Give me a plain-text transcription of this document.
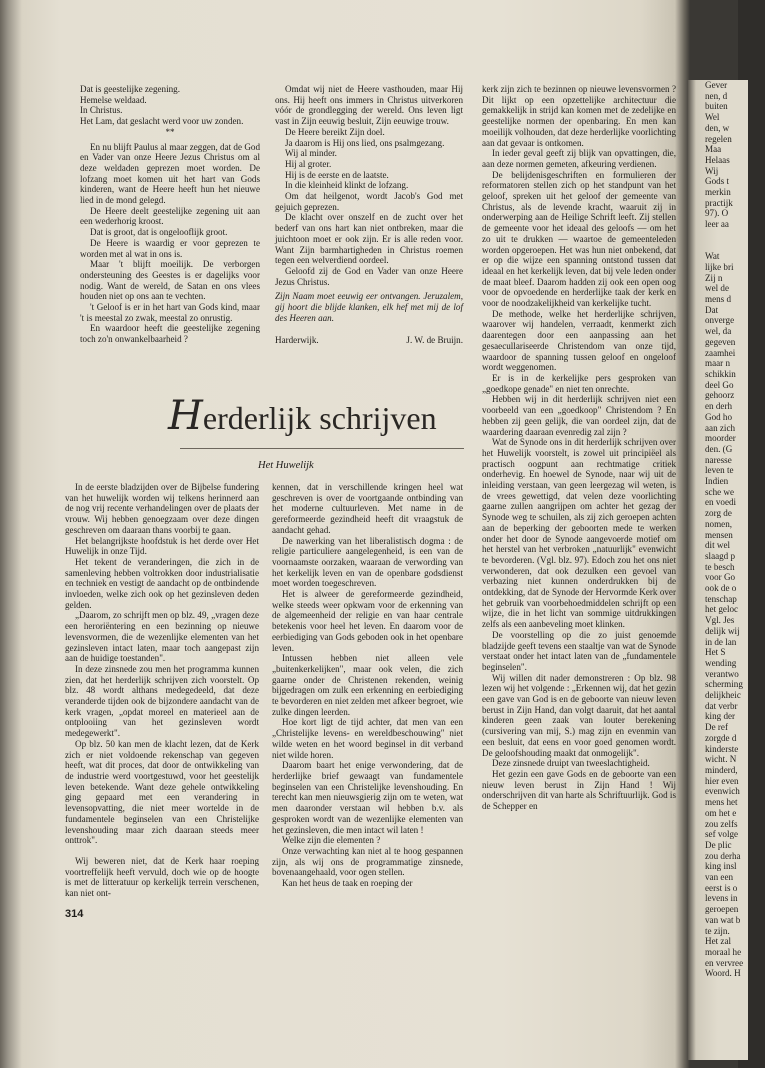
Dat is geestelijke zegening.

Hemelse weldaad.

In Christus.

Het Lam, dat geslacht werd voor uw zonden.

**

En nu blijft Paulus al maar zeggen, dat de God en Vader van onze Heere Jezus Christus om al deze weldaden geprezen moet worden. De lofzang moet komen uit het hart van Gods kinderen, want de Heere heeft hun het nieuwe lied in de mond gelegd.

De Heere deelt geestelijke zegening uit aan een wederhorig kroost.

Dat is groot, dat is ongelooflijk groot.

De Heere is waardig er voor geprezen te worden met al wat in ons is.

Maar 't blijft moeilijk. De verborgen ondersteuning des Geestes is er dagelijks voor nodig. Want de wereld, de Satan en ons vlees houden niet op ons aan te vechten.

't Geloof is er in het hart van Gods kind, maar 't is meestal zo zwak, meestal zo onrustig.

En waardoor heeft die geestelijke zegening toch zo'n onwankelbaarheid ?

Omdat wij niet de Heere vasthouden, maar Hij ons. Hij heeft ons immers in Christus uitverkoren vóór de grondlegging der wereld. Ons leven ligt vast in Zijn eeuwig besluit, Zijn eeuwige trouw.

De Heere bereikt Zijn doel.

Ja daarom is Hij ons lied, ons psalmgezang.

Wij al minder.

Hij al groter.

Hij is de eerste en de laatste.

In die kleinheid klinkt de lofzang.

Om dat heilgenot, wordt Jacob's God met gejuich geprezen.

De klacht over onszelf en de zucht over het bederf van ons hart kan niet ontbreken, maar die juichtoon moet er ook zijn. Er is alle reden voor. Want Zijn barmhartigheden in Christus roemen tegen een welverdiend oordeel.

Geloofd zij de God en Vader van onze Heere Jezus Christus.

Zijn Naam moet eeuwig eer ontvangen. Jeruzalem, gij hoort die blijde klanken, elk hef met mij de lof des Heeren aan.

Harderwijk.	J. W. de Bruijn.

kerk zijn zich te bezinnen op nieuwe levensvormen ? Dit lijkt op een opzettelijke architectuur die gemakkelijk in strijd kan komen met de zedelijke en geestelijke normen der openbaring. En men kan moeilijk volhouden, dat deze herderlijke voorlichting aan dat gevaar is ontkomen.

In ieder geval geeft zij blijk van opvattingen, die, aan deze normen gemeten, afkeuring verdienen.

De belijdenisgeschriften en formulieren der reformatoren stellen zich op het standpunt van het geloof, spreken uit het geloof der gemeente van Christus, als de levende kracht, waaruit zij in onderwerping aan de Heilige Schrift leeft. Zij stellen de gemeente voor het ideaal des geloofs — om het zo uit te drukken — waartoe de gemeenteleden worden opgeroepen. Het was hun niet onbekend, dat er op die wijze een spanning ontstond tussen dat ideaal en het kerkelijk leven, dat bij vele leden onder de maat bleef. Daarom hadden zij ook een open oog voor de opvoedende en herderlijke taak der kerk en voor de noodzakelijkheid van kerkelijke tucht.

De methode, welke het herderlijke schrijven, waarover wij handelen, verraadt, kenmerkt zich daarentegen door een aanpassing aan het gesaecullariseerde Christendom van onze tijd, waardoor de spanning tussen geloof en ongeloof wordt weggenomen.

Er is in de kerkelijke pers gesproken van „goedkope genade" en niet ten onrechte.

Hebben wij in dit herderlijk schrijven niet een voorbeeld van een „goedkoop" Christendom ? En hebben zij geen gelijk, die van oordeel zijn, dat de waardering daaraan evenredig zal zijn ?

Wat de Synode ons in dit herderlijk schrijven over het Huwelijk voorstelt, is zowel uit principiëel als practisch oogpunt aan rechtmatige critiek onderhevig. En hoewel de Synode, naar wij uit de inleiding verstaan, van geen leergezag wil weten, is de vrees gewettigd, dat velen deze voorlichting gaarne zullen aangrijpen om achter het gezag der Synode weg te schuilen, als zij zich geroepen achten aan de beperking der geboorten mede te werken onder het door de Synode aangevoerde motief om het herstel van het verbroken „natuurlijk" evenwicht te bevorderen. (Vgl. blz. 97). Edoch zou het ons niet verwonderen, dat ook dezulken een gevoel van verbazing niet kunnen onderdrukken bij de ontdekking, dat de Synode der Hervormde Kerk over het gebruik van voorbehoedmiddelen schrijft op een wijze, die in het licht van sommige uitdrukkingen zelfs als een aanbeveling moet klinken.

De voorstelling op die zo juist genoemde bladzijde geeft tevens een staaltje van wat de Synode verstaat onder het intact laten van de „fundamentele beginselen".

Wij willen dit nader demonstreren : Op blz. 98 lezen wij het volgende : „Erkennen wij, dat het gezin een gave van God is en de geboorte van nieuw leven berust in Zijn Hand, dan volgt daaruit, dat het aantal kinderen geen zaak van louter berekening (cursivering van mij, S.) mag zijn en evenmin van een besluit, dat eens en voor goed genomen wordt. De geloofshouding maakt dat onmogelijk".

Deze zinsnede druipt van tweeslachtigheid.

Het gezin een gave Gods en de geboorte van een nieuw leven berust in Zijn Hand ! Wij onderschrijven dit van harte als Schriftuurlijk. God is de Schepper en

Herderlijk schrijven
Het Huwelijk

In de eerste bladzijden over de Bijbelse fundering van het huwelijk worden wij telkens herinnerd aan de nog vrij recente verhandelingen over de plaats der vrouw. Wij hebben genoegzaam over deze dingen geschreven om daaraan thans voorbij te gaan.

Het belangrijkste hoofdstuk is het derde over Het Huwelijk in onze Tijd.

Het tekent de veranderingen, die zich in de samenleving hebben voltrokken door industrialisatie en techniek en vestigt de aandacht op de ontbindende invloeden, welke zich ook op het gezinsleven deden gelden.

„Daarom, zo schrijft men op blz. 49, „vragen deze een heroriëntering en een bezinning op nieuwe levensvormen, die de wezenlijke elementen van het gezinsleven intact laten, maar toch aangepast zijn aan de huidige toestanden".

In deze zinsnede zou men het programma kunnen zien, dat het herderlijk schrijven zich voorstelt. Op blz. 48 wordt althans medegedeeld, dat deze veranderde tijden ook de bijzondere aandacht van de kerk vragen, „opdat moreel en materieel aan de ontplooiing van het gezinsleven wordt medegewerkt".

Op blz. 50 kan men de klacht lezen, dat de Kerk zich er niet voldoende rekenschap van gegeven heeft, wat dit proces, dat door de ontwikkeling van de industrie werd voortgestuwd, voor het geestelijk leven betekende. Want deze gehele ontwikkeling ging gepaard met een verandering in levensopvatting, die niet meer wortelde in de fundamentele beginselen van een Christelijke levenshouding maar zich daaraan steeds meer onttrok".

Wij beweren niet, dat de Kerk haar roeping voortreffelijk heeft vervuld, doch wie op de hoogte is met de litteratuur op kerkelijk terrein verschenen, kan niet ont-

kennen, dat in verschillende kringen heel wat geschreven is over de voortgaande ontbinding van het moderne cultuurleven. Met name in de gereformeerde gezindheid heeft dit vraagstuk de aandacht gehad.

De nawerking van het liberalistisch dogma : de religie particuliere aangelegenheid, is een van de voornaamste oorzaken, waaraan de verwording van het kerkelijk leven en van de openbare godsdienst moet worden toegeschreven.

Het is alweer de gereformeerde gezindheid, welke steeds weer opkwam voor de erkenning van de algemeenheid der religie en van haar centrale betekenis voor heel het leven. En daarom voor de eerbiediging van Gods geboden ook in het openbare leven.

Intussen hebben niet alleen vele „buitenkerkelijken", maar ook velen, die zich gaarne onder de Christenen rekenden, weinig bijgedragen om zulk een erkenning en eerbiediging te bevorderen en niet zelden met afkeer begroet, wie zulke dingen leerden.

Hoe kort ligt de tijd achter, dat men van een „Christelijke levens- en wereldbeschouwing" niet wilde weten en het woord beginsel in dit verband niet wilde horen.

Daarom baart het enige verwondering, dat de herderlijke brief gewaagt van fundamentele beginselen van een Christelijke levenshouding. En terecht kan men nieuwsgierig zijn om te weten, wat men daaronder verstaan wil hebben b.v. als gesproken wordt van de wezenlijke elementen van het gezinsleven, die men intact wil laten !

Welke zijn die elementen ?

Onze verwachting kan niet al te hoog gespannen zijn, als wij ons de programmatige zinsnede, bovenaangehaald, voor ogen stellen.

Kan het heus de taak en roeping der

314

Gever

nen, d

buiten

Wel

den, w

regelen

Maa

Helaas

Wij

Gods t

merkin

practijk

97). O

leer aa

Wat

lijke bri

Zij n

wel de

mens d

Dat

onverge

wel, da

gegeven

zaamhei

maar n

schikkin

deel Go

gehoorz

en derh

God ho

aan zich

moorder

den. (G

naresse

leven te

Indien

sche we

en voedi

zorg de

nomen,

mensen

dit wel

slaagd p

te besch

voor Go

ook de o

tenschap

het geloc

Vgl. Jes

delijk wij

in de lan

Het S

wending

verantwo

scherming

delijkheic

dat verbr

king der

De ref

zorgde d

kinderste

wicht. N

minderd,

hier even

evenwich

mens het

om het e

zou zelfs

sef volge

De plic

zou derha

king insl

van een

eerst is o

levens in

geroepen

van wat b

te zijn.

Het zal

moraal he

en vervree

Woord. H
